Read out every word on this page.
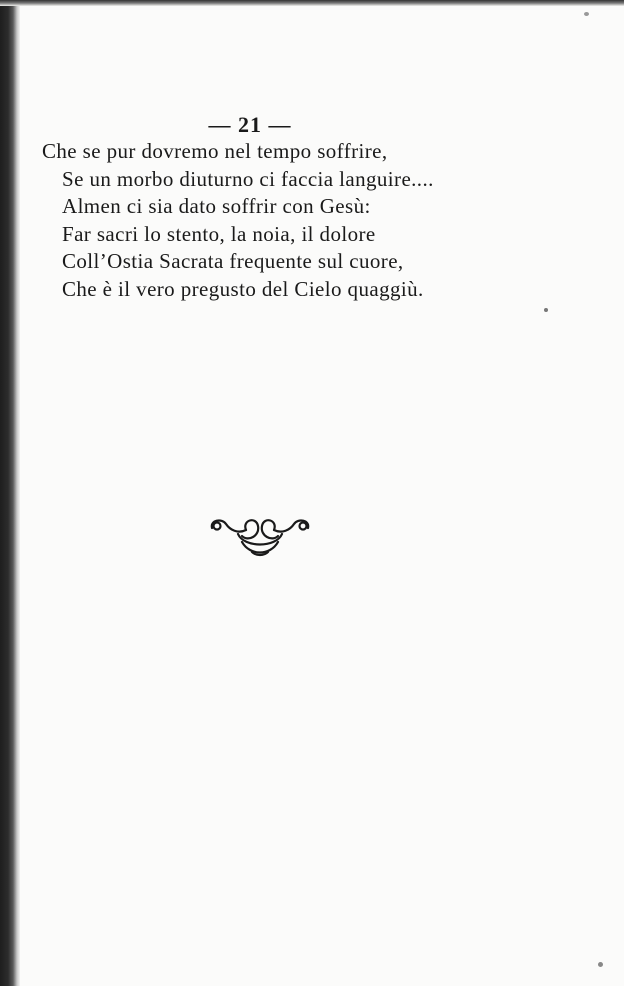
— 21 —
Che se pur dovremo nel tempo soffrire,
Se un morbo diuturno ci faccia languire....
Almen ci sia dato soffrir con Gesù:
Far sacri lo stento, la noia, il dolore
Coll’Ostia Sacrata frequente sul cuore,
Che è il vero pregusto del Cielo quaggiù.
